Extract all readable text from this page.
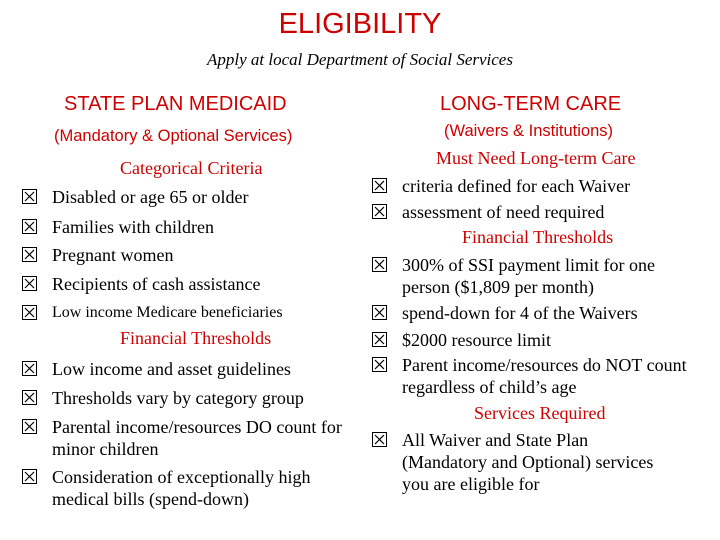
ELIGIBILITY
Apply at local Department of Social Services
STATE PLAN MEDICAID
(Mandatory & Optional Services)
Categorical Criteria
Disabled or age 65 or older
Families with children
Pregnant women
Recipients of cash assistance
Low income Medicare beneficiaries
Financial Thresholds
Low income and asset guidelines
Thresholds vary by category group
Parental income/resources DO count for minor children
Consideration of exceptionally high medical bills (spend-down)
LONG-TERM CARE
(Waivers & Institutions)
Must Need Long-term Care
criteria defined for each Waiver
assessment of need required
Financial Thresholds
300% of SSI payment limit for one person ($1,809 per month)
spend-down for 4 of the Waivers
$2000 resource limit
Parent income/resources do NOT count regardless of child’s age
Services Required
All Waiver and State Plan (Mandatory and Optional) services you are eligible for
